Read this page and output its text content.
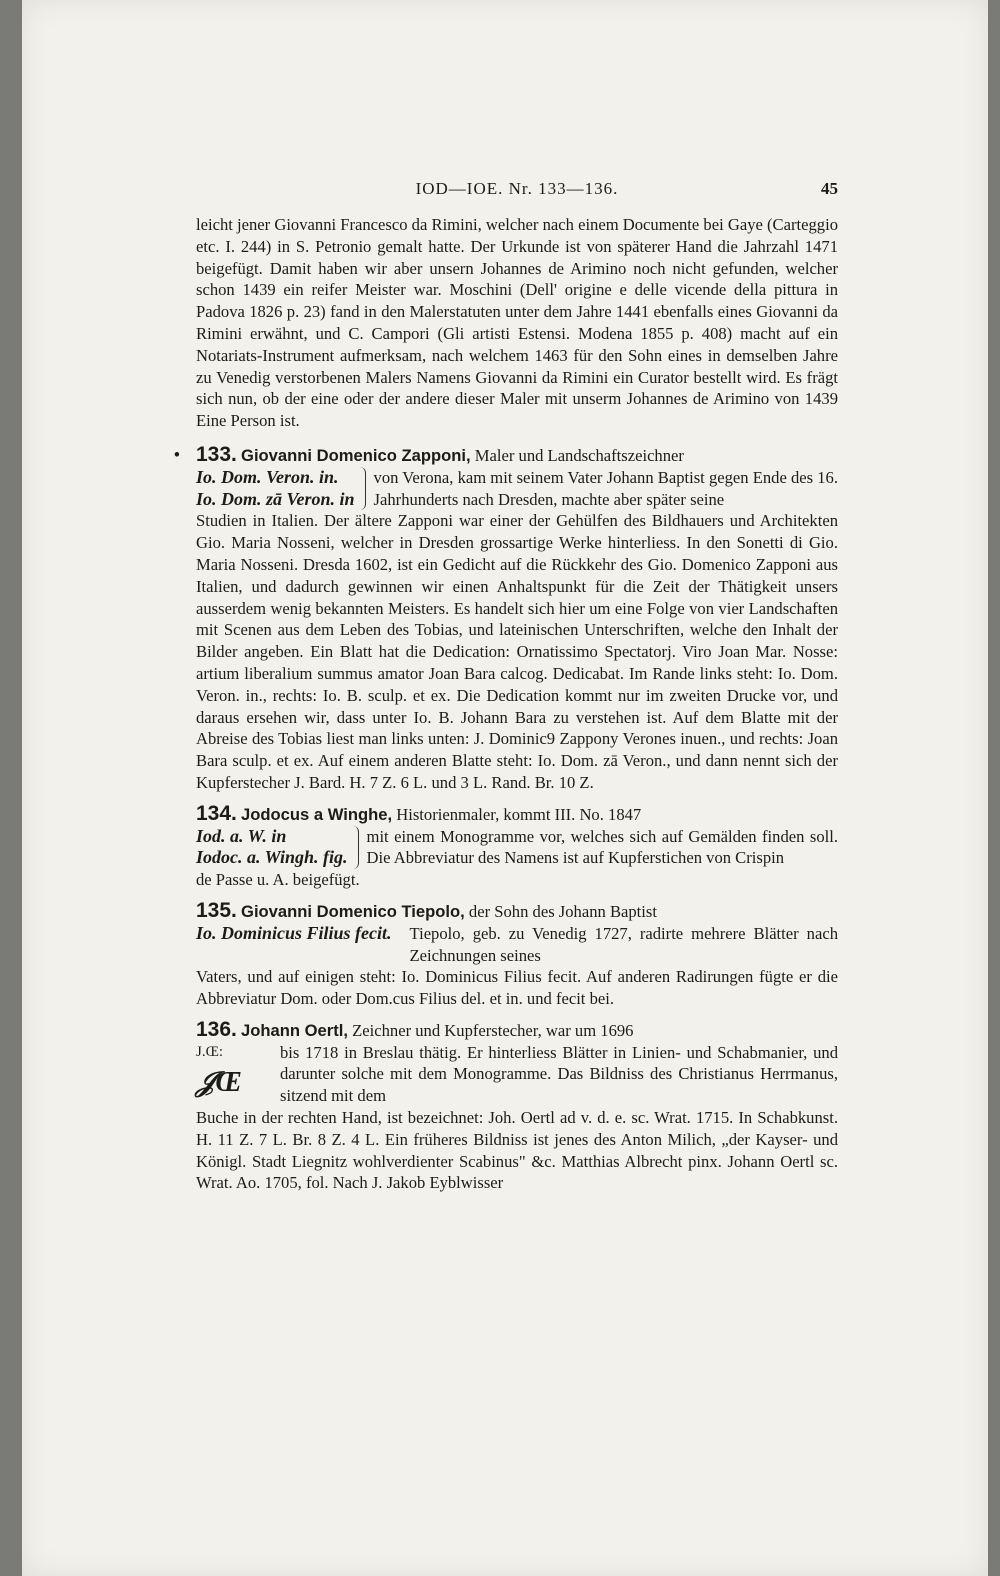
IOD—IOE. Nr. 133—136.	45

leicht jener Giovanni Francesco da Rimini, welcher nach einem Documente bei Gaye (Carteggio etc. I. 244) in S. Petronio gemalt hatte. Der Urkunde ist von späterer Hand die Jahrzahl 1471 beigefügt. Damit haben wir aber unsern Johannes de Arimino noch nicht gefunden, welcher schon 1439 ein reifer Meister war. Moschini (Dell' origine e delle vicende della pittura in Padova 1826 p. 23) fand in den Malerstatuten unter dem Jahre 1441 ebenfalls eines Giovanni da Rimini erwähnt, und C. Campori (Gli artisti Estensi. Modena 1855 p. 408) macht auf ein Notariats-Instrument aufmerksam, nach welchem 1463 für den Sohn eines in demselben Jahre zu Venedig verstorbenen Malers Namens Giovanni da Rimini ein Curator bestellt wird. Es frägt sich nun, ob der eine oder der andere dieser Maler mit unserm Johannes de Arimino von 1439 Eine Person ist.

• 133. Giovanni Domenico Zapponi, Maler und Landschaftszeichner

Io. Dom. Veron. in.
Io. Dom. zā Veron. in
von Verona, kam mit seinem Vater Johann Baptist gegen Ende des 16. Jahrhunderts nach Dresden, machte aber später seine

Studien in Italien. Der ältere Zapponi war einer der Gehülfen des Bildhauers und Architekten Gio. Maria Nosseni, welcher in Dresden grossartige Werke hinterliess. In den Sonetti di Gio. Maria Nosseni. Dresda 1602, ist ein Gedicht auf die Rückkehr des Gio. Domenico Zapponi aus Italien, und dadurch gewinnen wir einen Anhaltspunkt für die Zeit der Thätigkeit unsers ausserdem wenig bekannten Meisters. Es handelt sich hier um eine Folge von vier Landschaften mit Scenen aus dem Leben des Tobias, und lateinischen Unterschriften, welche den Inhalt der Bilder angeben. Ein Blatt hat die Dedication: Ornatissimo Spectatorj. Viro Joan Mar. Nosse: artium liberalium summus amator Joan Bara calcog. Dedicabat. Im Rande links steht: Io. Dom. Veron. in., rechts: Io. B. sculp. et ex. Die Dedication kommt nur im zweiten Drucke vor, und daraus ersehen wir, dass unter Io. B. Johann Bara zu verstehen ist. Auf dem Blatte mit der Abreise des Tobias liest man links unten: J. Dominic9 Zappony Verones inuen., und rechts: Joan Bara sculp. et ex. Auf einem anderen Blatte steht: Io. Dom. zā Veron., und dann nennt sich der Kupferstecher J. Bard. H. 7 Z. 6 L. und 3 L. Rand. Br. 10 Z.

134. Jodocus a Winghe, Historienmaler, kommt III. No. 1847

Iod. a. W. in
Iodoc. a. Wingh. fig.
mit einem Monogramme vor, welches sich auf Gemälden finden soll. Die Abbreviatur des Namens ist auf Kupferstichen von Crispin

de Passe u. A. beigefügt.

135. Giovanni Domenico Tiepolo, der Sohn des Johann Baptist

Io. Dominicus Filius fecit. Tiepolo, geb. zu Venedig 1727, radirte mehrere Blätter nach Zeichnungen seines

Vaters, und auf einigen steht: Io. Dominicus Filius fecit. Auf anderen Radirungen fügte er die Abbreviatur Dom. oder Dom.cus Filius del. et in. und fecit bei.

136. Johann Oertl, Zeichner und Kupferstecher, war um 1696

J.Œ:
𝒥Œ
bis 1718 in Breslau thätig. Er hinterliess Blätter in Linien- und Schabmanier, und darunter solche mit dem Monogramme. Das Bildniss des Christianus Herrmanus, sitzend mit dem

Buche in der rechten Hand, ist bezeichnet: Joh. Oertl ad v. d. e. sc. Wrat. 1715. In Schabkunst. H. 11 Z. 7 L. Br. 8 Z. 4 L. Ein früheres Bildniss ist jenes des Anton Milich, „der Kayser- und Königl. Stadt Liegnitz wohlverdienter Scabinus" &c. Matthias Albrecht pinx. Johann Oertl sc. Wrat. Ao. 1705, fol. Nach J. Jakob Eyblwisser
